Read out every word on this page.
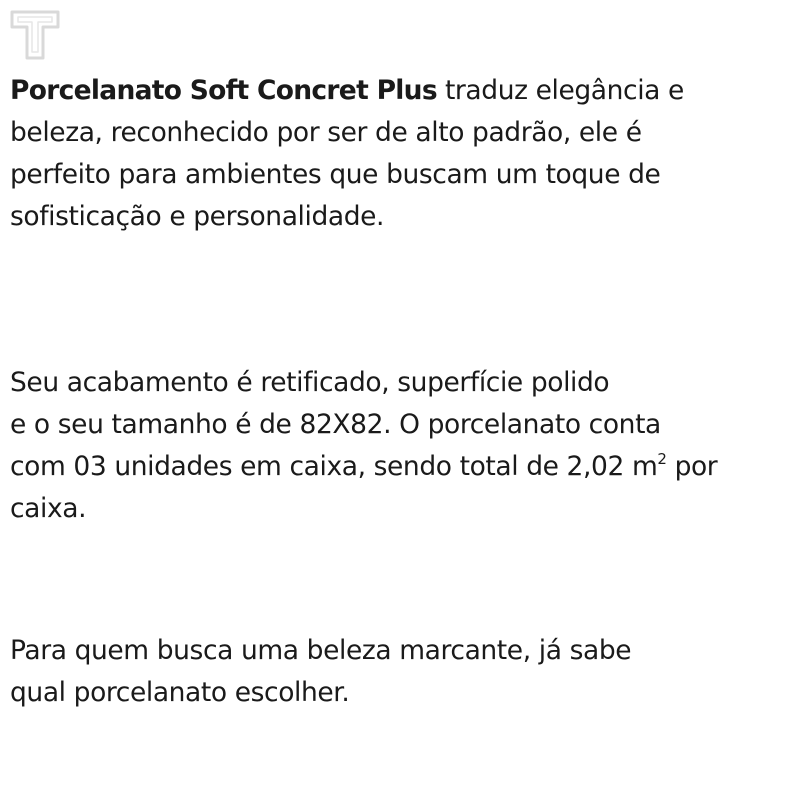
Porcelanato Soft Concret Plus traduz elegância e
beleza, reconhecido por ser de alto padrão, ele é
perfeito para ambientes que buscam um toque de
sofisticação e personalidade.

Seu acabamento é retificado, superfície polido
e o seu tamanho é de 82X82. O porcelanato conta
com 03 unidades em caixa, sendo total de 2,02 $m^2$ por
caixa.

Para quem busca uma beleza marcante, já sabe
qual porcelanato escolher.
